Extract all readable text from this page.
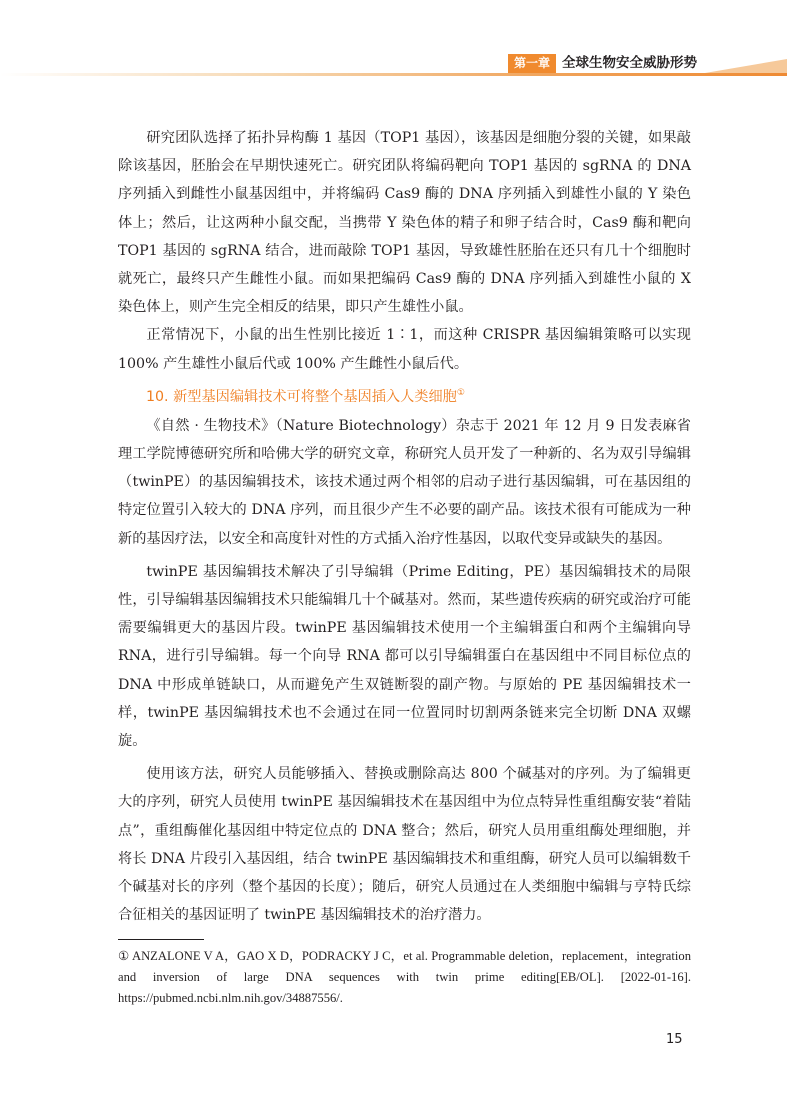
第一章 全球生物安全威胁形势

研究团队选择了拓扑异构酶 1 基因（TOP1 基因），该基因是细胞分裂的关键，如果敲除该基因，胚胎会在早期快速死亡。研究团队将编码靶向 TOP1 基因的 sgRNA 的 DNA 序列插入到雌性小鼠基因组中，并将编码 Cas9 酶的 DNA 序列插入到雄性小鼠的 Y 染色体上；然后，让这两种小鼠交配，当携带 Y 染色体的精子和卵子结合时，Cas9 酶和靶向 TOP1 基因的 sgRNA 结合，进而敲除 TOP1 基因，导致雄性胚胎在还只有几十个细胞时就死亡，最终只产生雌性小鼠。而如果把编码 Cas9 酶的 DNA 序列插入到雄性小鼠的 X 染色体上，则产生完全相反的结果，即只产生雄性小鼠。

正常情况下，小鼠的出生性别比接近 1∶1，而这种 CRISPR 基因编辑策略可以实现 100% 产生雄性小鼠后代或 100% 产生雌性小鼠后代。

10. 新型基因编辑技术可将整个基因插入人类细胞①

《自然 · 生物技术》（Nature Biotechnology）杂志于 2021 年 12 月 9 日发表麻省理工学院博德研究所和哈佛大学的研究文章，称研究人员开发了一种新的、名为双引导编辑（twinPE）的基因编辑技术，该技术通过两个相邻的启动子进行基因编辑，可在基因组的特定位置引入较大的 DNA 序列，而且很少产生不必要的副产品。该技术很有可能成为一种新的基因疗法，以安全和高度针对性的方式插入治疗性基因，以取代变异或缺失的基因。

twinPE 基因编辑技术解决了引导编辑（Prime Editing，PE）基因编辑技术的局限性，引导编辑基因编辑技术只能编辑几十个碱基对。然而，某些遗传疾病的研究或治疗可能需要编辑更大的基因片段。twinPE 基因编辑技术使用一个主编辑蛋白和两个主编辑向导 RNA，进行引导编辑。每一个向导 RNA 都可以引导编辑蛋白在基因组中不同目标位点的 DNA 中形成单链缺口，从而避免产生双链断裂的副产物。与原始的 PE 基因编辑技术一样，twinPE 基因编辑技术也不会通过在同一位置同时切割两条链来完全切断 DNA 双螺旋。

使用该方法，研究人员能够插入、替换或删除高达 800 个碱基对的序列。为了编辑更大的序列，研究人员使用 twinPE 基因编辑技术在基因组中为位点特异性重组酶安装“着陆点”，重组酶催化基因组中特定位点的 DNA 整合；然后，研究人员用重组酶处理细胞，并将长 DNA 片段引入基因组，结合 twinPE 基因编辑技术和重组酶，研究人员可以编辑数千个碱基对长的序列（整个基因的长度）；随后，研究人员通过在人类细胞中编辑与亨特氏综合征相关的基因证明了 twinPE 基因编辑技术的治疗潜力。

① ANZALONE V A，GAO X D，PODRACKY J C，et al. Programmable deletion，replacement，integration and inversion of large DNA sequences with twin prime editing[EB/OL]. [2022-01-16]. https://pubmed.ncbi.nlm.nih.gov/34887556/.
15
